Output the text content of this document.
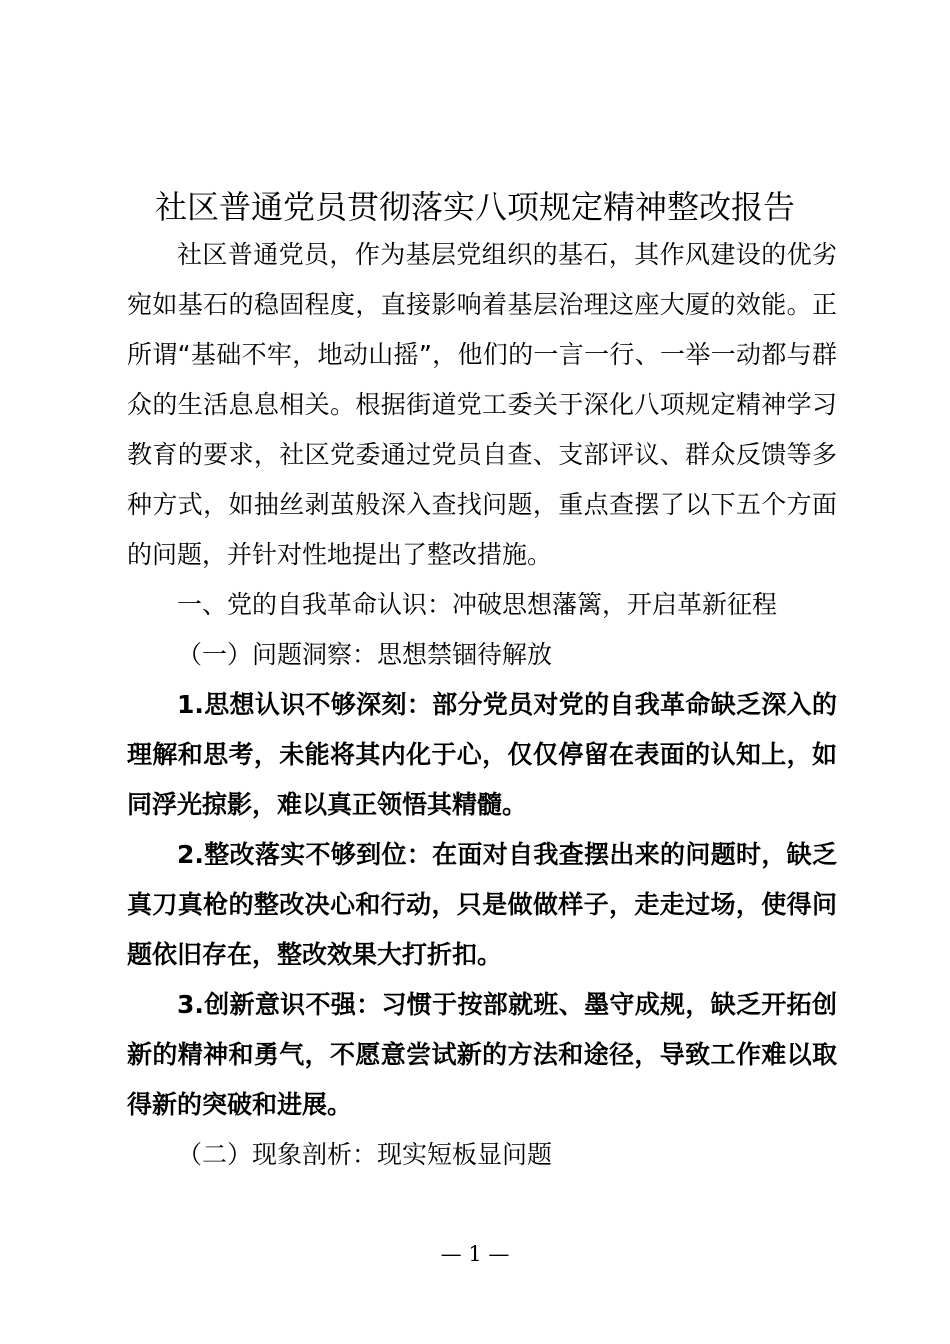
社区普通党员贯彻落实八项规定精神整改报告

社区普通党员，作为基层党组织的基石，其作风建设的优劣宛如基石的稳固程度，直接影响着基层治理这座大厦的效能。正所谓“基础不牢，地动山摇”，他们的一言一行、一举一动都与群众的生活息息相关。根据街道党工委关于深化八项规定精神学习教育的要求，社区党委通过党员自查、支部评议、群众反馈等多种方式，如抽丝剥茧般深入查找问题，重点查摆了以下五个方面的问题，并针对性地提出了整改措施。

一、党的自我革命认识：冲破思想藩篱，开启革新征程

（一）问题洞察：思想禁锢待解放

1.思想认识不够深刻：部分党员对党的自我革命缺乏深入的理解和思考，未能将其内化于心，仅仅停留在表面的认知上，如同浮光掠影，难以真正领悟其精髓。

2.整改落实不够到位：在面对自我查摆出来的问题时，缺乏真刀真枪的整改决心和行动，只是做做样子，走走过场，使得问题依旧存在，整改效果大打折扣。

3.创新意识不强：习惯于按部就班、墨守成规，缺乏开拓创新的精神和勇气，不愿意尝试新的方法和途径，导致工作难以取得新的突破和进展。

（二）现象剖析：现实短板显问题

— 1 —
